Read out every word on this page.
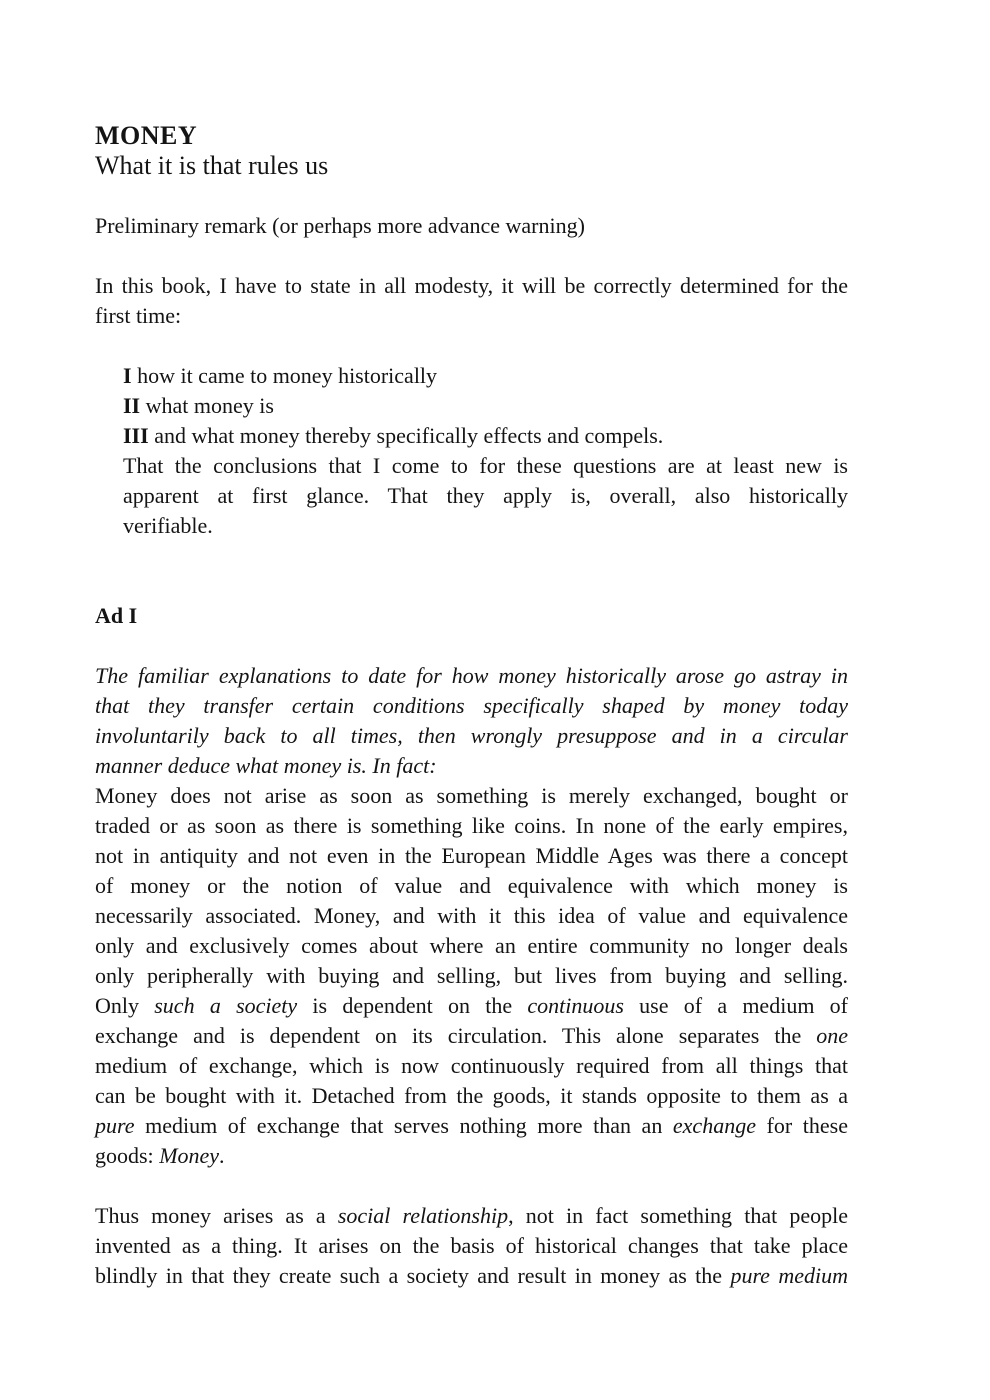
MONEY
What it is that rules us
Preliminary remark (or perhaps more advance warning)
In this book, I have to state in all modesty, it will be correctly determined for the
first time:
I how it came to money historically
II what money is
III and what money thereby specifically effects and compels.
That the conclusions that I come to for these questions are at least new is
apparent at first glance. That they apply is, overall, also historically
verifiable.
Ad I
The familiar explanations to date for how money historically arose go astray in
that they transfer certain conditions specifically shaped by money today
involuntarily back to all times, then wrongly presuppose and in a circular
manner deduce what money is. In fact:
Money does not arise as soon as something is merely exchanged, bought or
traded or as soon as there is something like coins. In none of the early empires,
not in antiquity and not even in the European Middle Ages was there a concept
of money or the notion of value and equivalence with which money is
necessarily associated. Money, and with it this idea of value and equivalence
only and exclusively comes about where an entire community no longer deals
only peripherally with buying and selling, but lives from buying and selling.
Only such a society is dependent on the continuous use of a medium of
exchange and is dependent on its circulation. This alone separates the one
medium of exchange, which is now continuously required from all things that
can be bought with it. Detached from the goods, it stands opposite to them as a
pure medium of exchange that serves nothing more than an exchange for these
goods: Money.
Thus money arises as a social relationship, not in fact something that people
invented as a thing. It arises on the basis of historical changes that take place
blindly in that they create such a society and result in money as the pure medium
